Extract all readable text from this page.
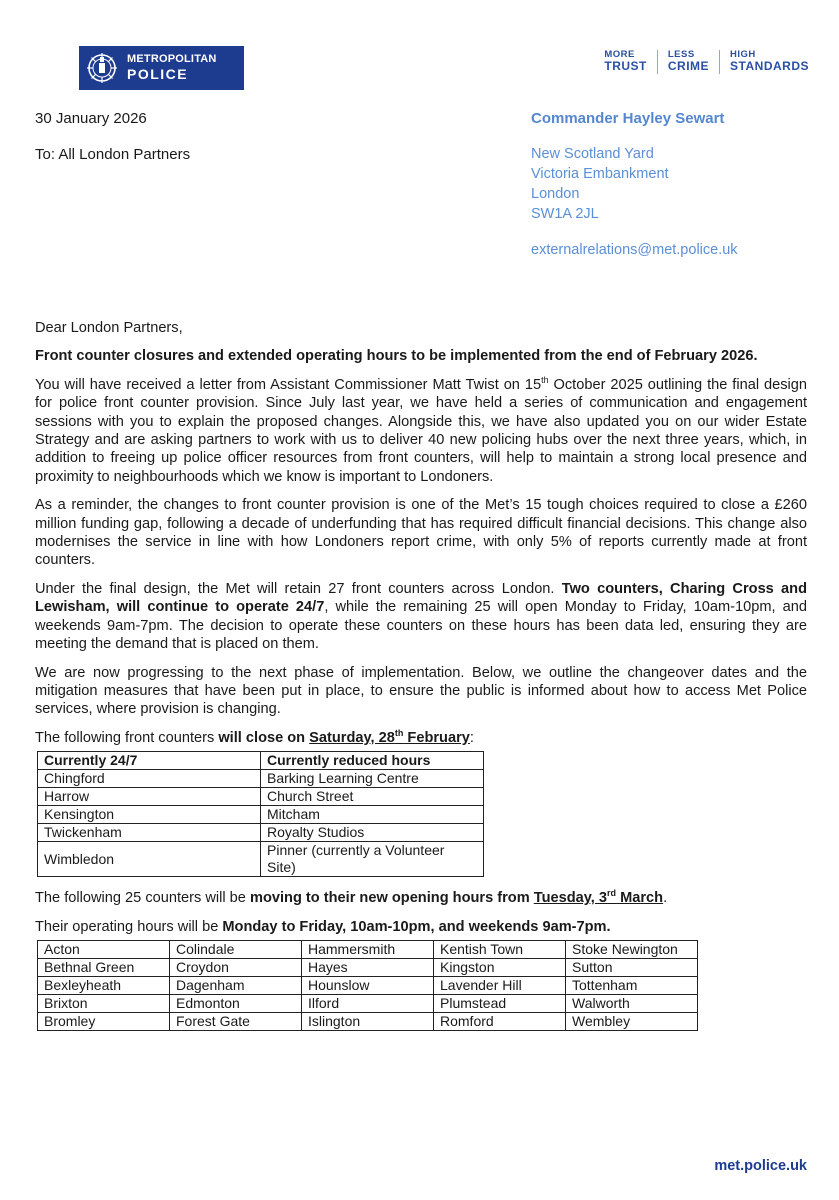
METROPOLITAN
POLICE
MORE
TRUST
LESS
CRIME
HIGH
STANDARDS
30 January 2026
To: All London Partners
Commander Hayley Sewart
New Scotland Yard
Victoria Embankment
London
SW1A 2JL
externalrelations@met.police.uk

Dear London Partners,

Front counter closures and extended operating hours to be implemented from the end of February 2026.

You will have received a letter from Assistant Commissioner Matt Twist on 15th October 2025 outlining the final design for police front counter provision. Since July last year, we have held a series of communication and engagement sessions with you to explain the proposed changes. Alongside this, we have also updated you on our wider Estate Strategy and are asking partners to work with us to deliver 40 new policing hubs over the next three years, which, in addition to freeing up police officer resources from front counters, will help to maintain a strong local presence and proximity to neighbourhoods which we know is important to Londoners.

As a reminder, the changes to front counter provision is one of the Met’s 15 tough choices required to close a £260 million funding gap, following a decade of underfunding that has required difficult financial decisions. This change also modernises the service in line with how Londoners report crime, with only 5% of reports currently made at front counters.

Under the final design, the Met will retain 27 front counters across London. Two counters, Charing Cross and Lewisham, will continue to operate 24/7, while the remaining 25 will open Monday to Friday, 10am-10pm, and weekends 9am-7pm. The decision to operate these counters on these hours has been data led, ensuring they are meeting the demand that is placed on them.

We are now progressing to the next phase of implementation. Below, we outline the changeover dates and the mitigation measures that have been put in place, to ensure the public is informed about how to access Met Police services, where provision is changing.

The following front counters will close on Saturday, 28th February:

Currently 24/7	Currently reduced hours
Chingford	Barking Learning Centre
Harrow	Church Street
Kensington	Mitcham
Twickenham	Royalty Studios
Wimbledon	Pinner (currently a Volunteer Site)

The following 25 counters will be moving to their new opening hours from Tuesday, 3rd March.

Their operating hours will be Monday to Friday, 10am-10pm, and weekends 9am-7pm.

Acton	Colindale	Hammersmith	Kentish Town	Stoke Newington
Bethnal Green	Croydon	Hayes	Kingston	Sutton
Bexleyheath	Dagenham	Hounslow	Lavender Hill	Tottenham
Brixton	Edmonton	Ilford	Plumstead	Walworth
Bromley	Forest Gate	Islington	Romford	Wembley
met.police.uk
